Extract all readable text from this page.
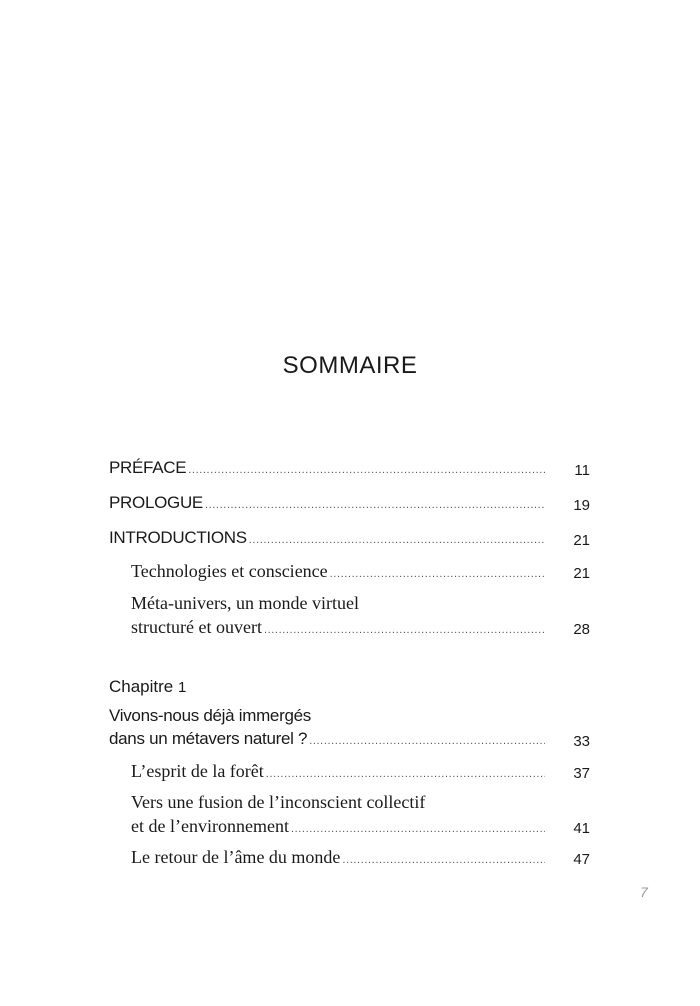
SOMMAIRE
PRÉFACE .....	11
PROLOGUE .....	19
INTRODUCTIONS .....	21
Technologies et conscience .....	21
Méta-univers, un monde virtuel
structuré et ouvert .....	28
Chapitre 1
Vivons-nous déjà immergés
dans un métavers naturel ? .....	33
L’esprit de la forêt .....	37
Vers une fusion de l’inconscient collectif
et de l’environnement .....	41
Le retour de l’âme du monde .....	47
7
